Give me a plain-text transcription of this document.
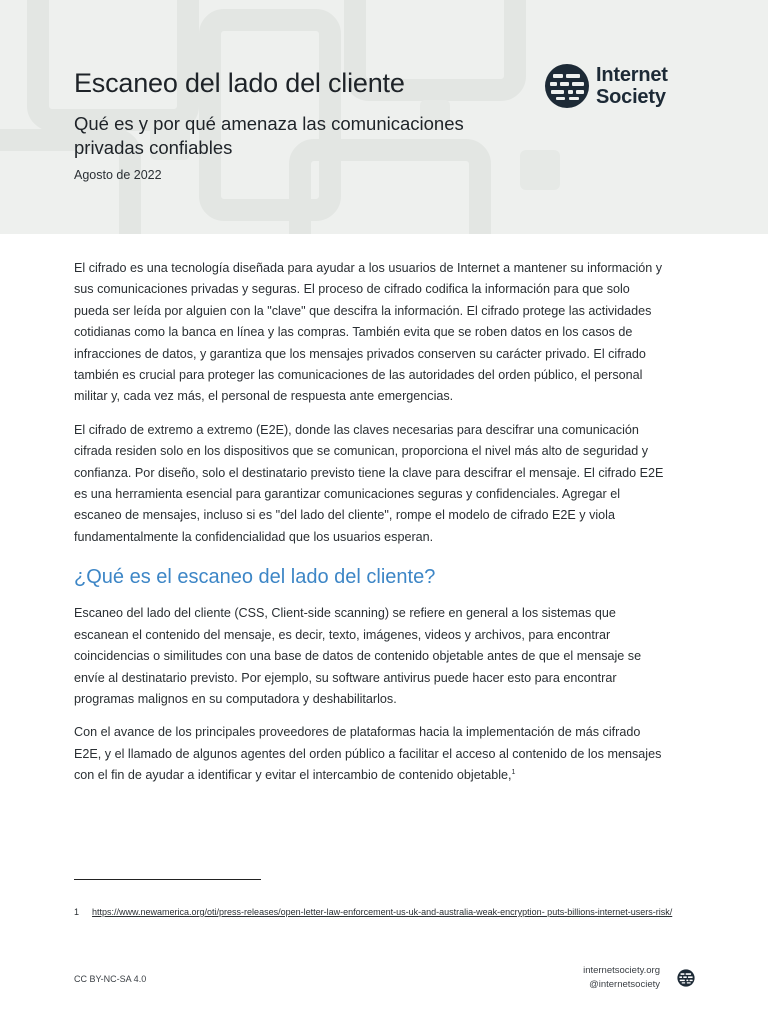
Escaneo del lado del cliente
Qué es y por qué amenaza las comunicaciones privadas confiables
Agosto de 2022
Internet
Society

El cifrado es una tecnología diseñada para ayudar a los usuarios de Internet a mantener su información y sus comunicaciones privadas y seguras. El proceso de cifrado codifica la información para que solo pueda ser leída por alguien con la "clave" que descifra la información. El cifrado protege las actividades cotidianas como la banca en línea y las compras. También evita que se roben datos en los casos de infracciones de datos, y garantiza que los mensajes privados conserven su carácter privado. El cifrado también es crucial para proteger las comunicaciones de las autoridades del orden público, el personal militar y, cada vez más, el personal de respuesta ante emergencias.

El cifrado de extremo a extremo (E2E), donde las claves necesarias para descifrar una comunicación cifrada residen solo en los dispositivos que se comunican, proporciona el nivel más alto de seguridad y confianza. Por diseño, solo el destinatario previsto tiene la clave para descifrar el mensaje. El cifrado E2E es una herramienta esencial para garantizar comunicaciones seguras y confidenciales. Agregar el escaneo de mensajes, incluso si es "del lado del cliente", rompe el modelo de cifrado E2E y viola fundamentalmente la confidencialidad que los usuarios esperan.

¿Qué es el escaneo del lado del cliente?

Escaneo del lado del cliente (CSS, Client-side scanning) se refiere en general a los sistemas que escanean el contenido del mensaje, es decir, texto, imágenes, videos y archivos, para encontrar coincidencias o similitudes con una base de datos de contenido objetable antes de que el mensaje se envíe al destinatario previsto. Por ejemplo, su software antivirus puede hacer esto para encontrar programas malignos en su computadora y deshabilitarlos.

Con el avance de los principales proveedores de plataformas hacia la implementación de más cifrado E2E, y el llamado de algunos agentes del orden público a facilitar el acceso al contenido de los mensajes con el fin de ayudar a identificar y evitar el intercambio de contenido objetable,$^1$

1 https://www.newamerica.org/oti/press-releases/open-letter-law-enforcement-us-uk-and-australia-weak-encryption- puts-billions-internet-users-risk/
CC BY-NC-SA 4.0
internetsociety.org
@internetsociety
